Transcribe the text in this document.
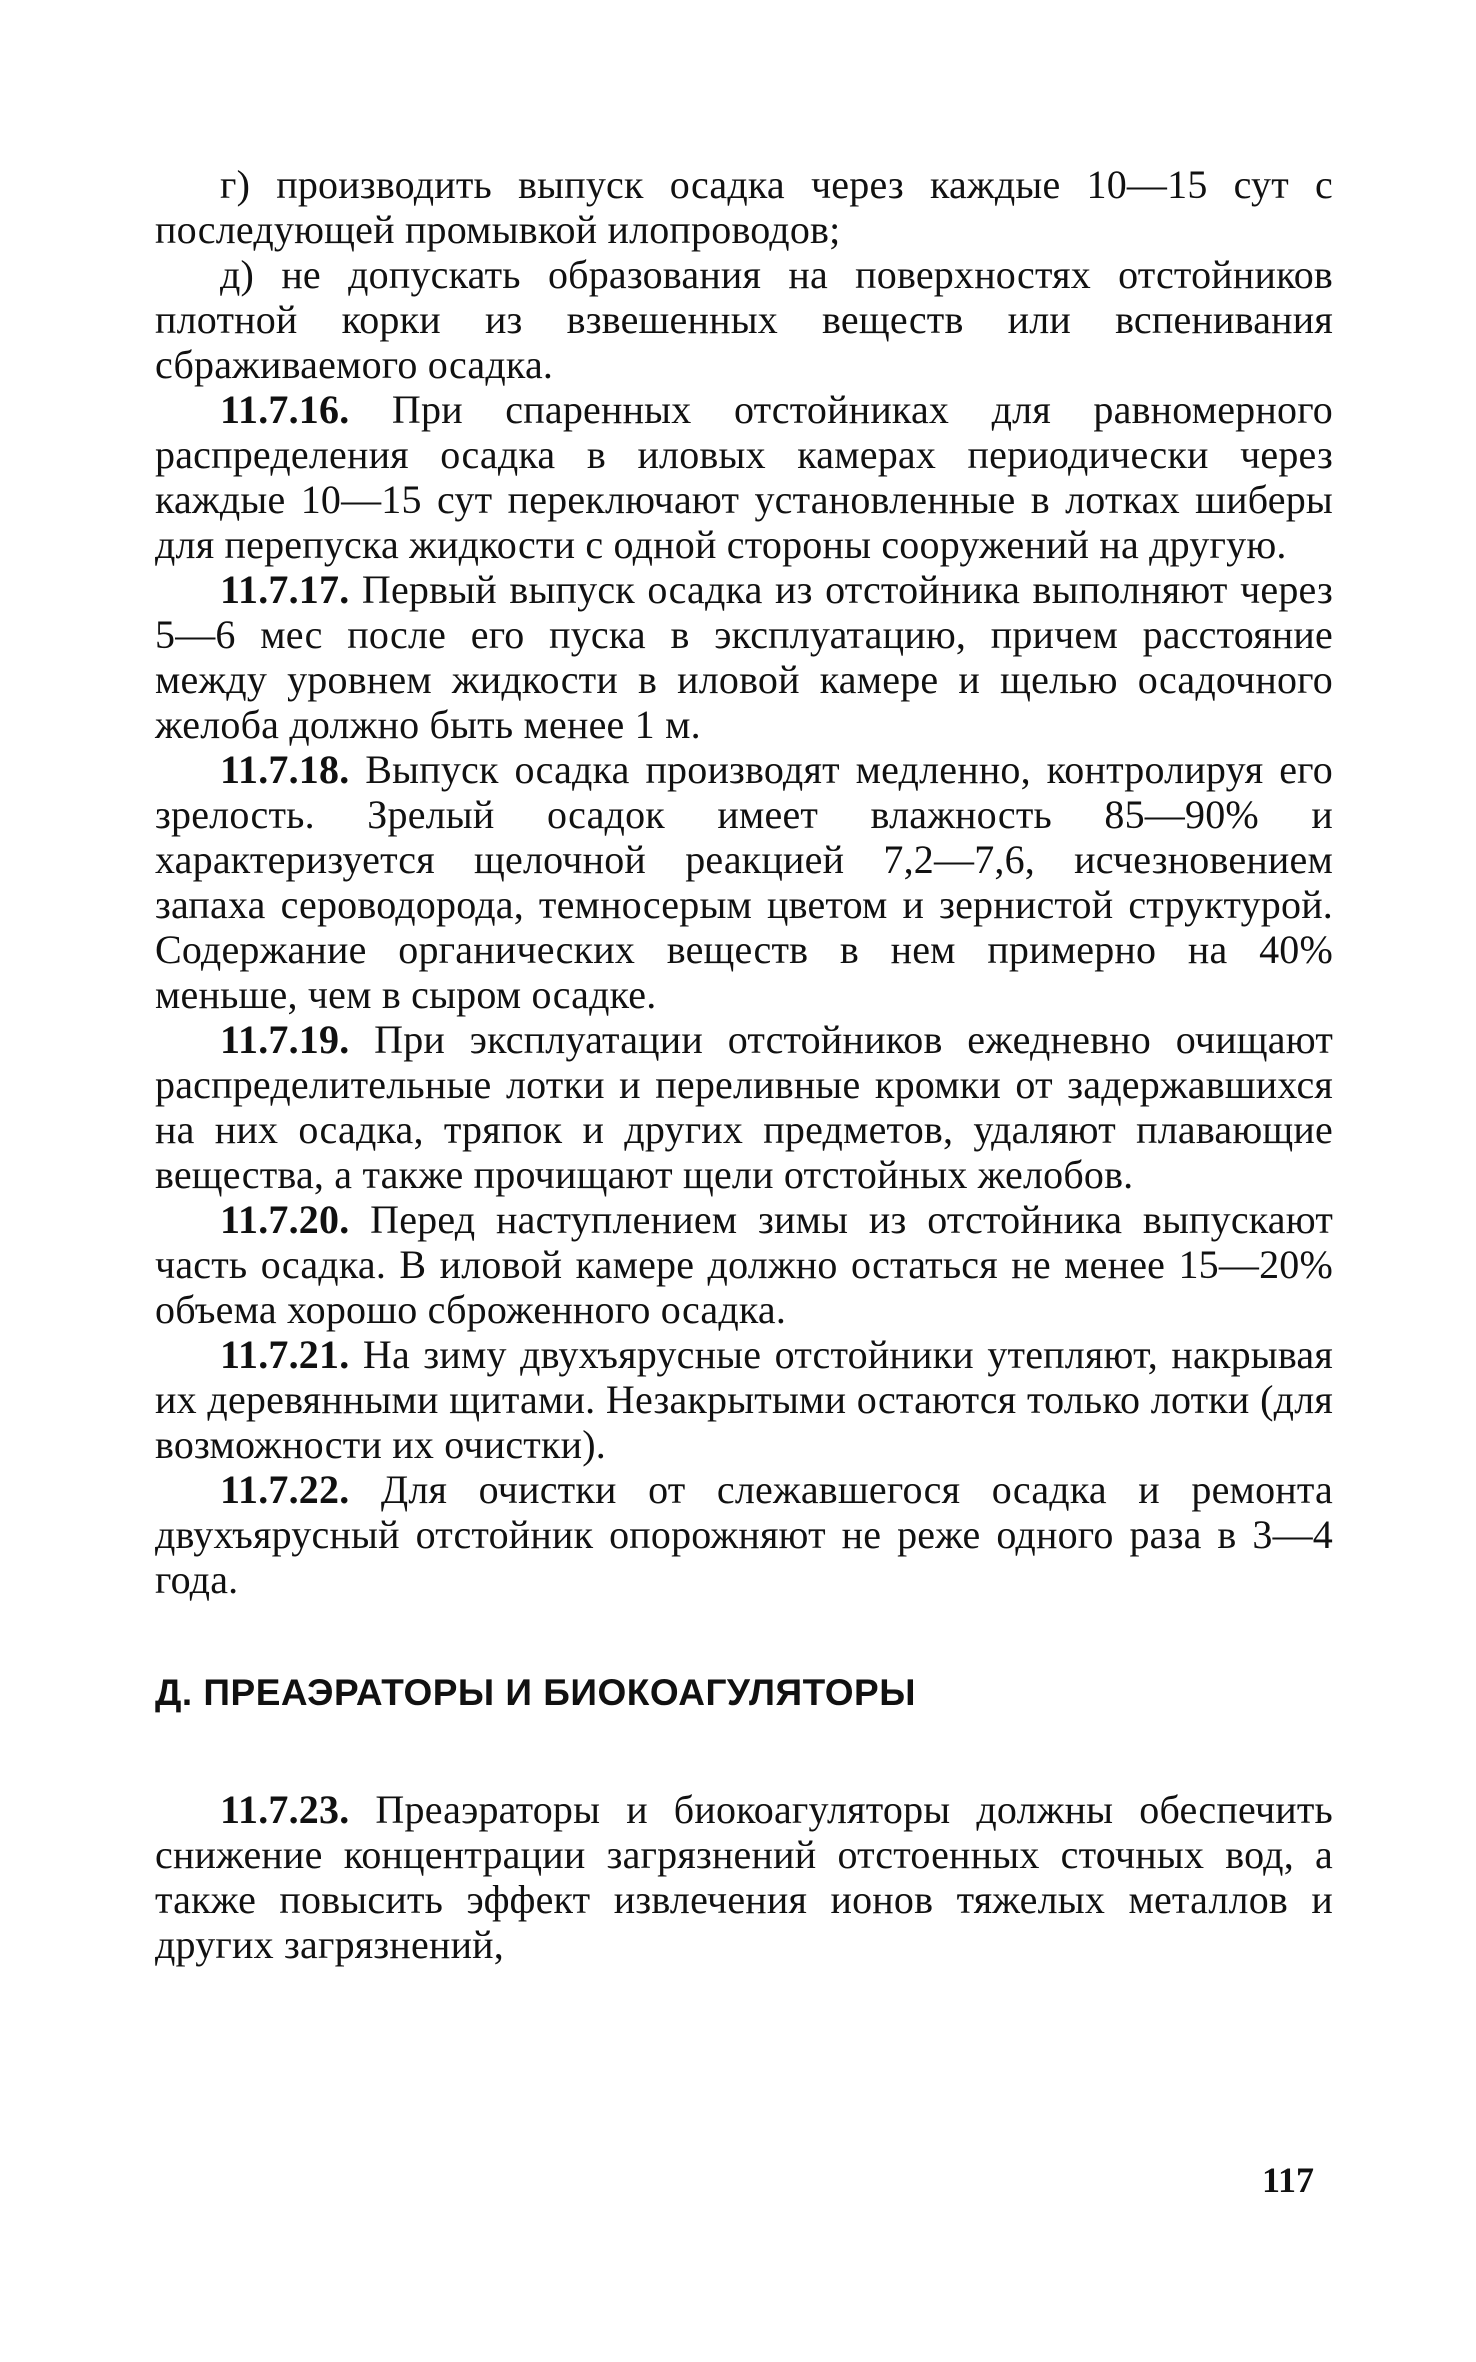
г) производить выпуск осадка через каждые 10—15 сут с последующей промывкой илопроводов;

д) не допускать образования на поверхностях отстойников плотной корки из взвешенных веществ или вспенивания сбраживаемого осадка.

11.7.16. При спаренных отстойниках для равномерного распределения осадка в иловых камерах периодически через каждые 10—15 сут переключают установленные в лотках шиберы для перепуска жидкости с одной стороны сооружений на другую.

11.7.17. Первый выпуск осадка из отстойника выполняют через 5—6 мес после его пуска в эксплуатацию, причем расстояние между уровнем жидкости в иловой камере и щелью осадочного желоба должно быть менее 1 м.

11.7.18. Выпуск осадка производят медленно, контролируя его зрелость. Зрелый осадок имеет влажность 85—90% и характеризуется щелочной реакцией 7,2—7,6, исчезновением запаха сероводорода, темносерым цветом и зернистой структурой. Содержание органических веществ в нем примерно на 40% меньше, чем в сыром осадке.

11.7.19. При эксплуатации отстойников ежедневно очищают распределительные лотки и переливные кромки от задержавшихся на них осадка, тряпок и других предметов, удаляют плавающие вещества, а также прочищают щели отстойных желобов.

11.7.20. Перед наступлением зимы из отстойника выпускают часть осадка. В иловой камере должно остаться не менее 15—20% объема хорошо сброженного осадка.

11.7.21. На зиму двухъярусные отстойники утепляют, накрывая их деревянными щитами. Незакрытыми остаются только лотки (для возможности их очистки).

11.7.22. Для очистки от слежавшегося осадка и ремонта двухъярусный отстойник опорожняют не реже одного раза в 3—4 года.

Д. ПРЕАЭРАТОРЫ И БИОКОАГУЛЯТОРЫ

11.7.23. Преаэраторы и биокоагуляторы должны обеспечить снижение концентрации загрязнений отстоенных сточных вод, а также повысить эффект извлечения ионов тяжелых металлов и других загрязнений,

117
